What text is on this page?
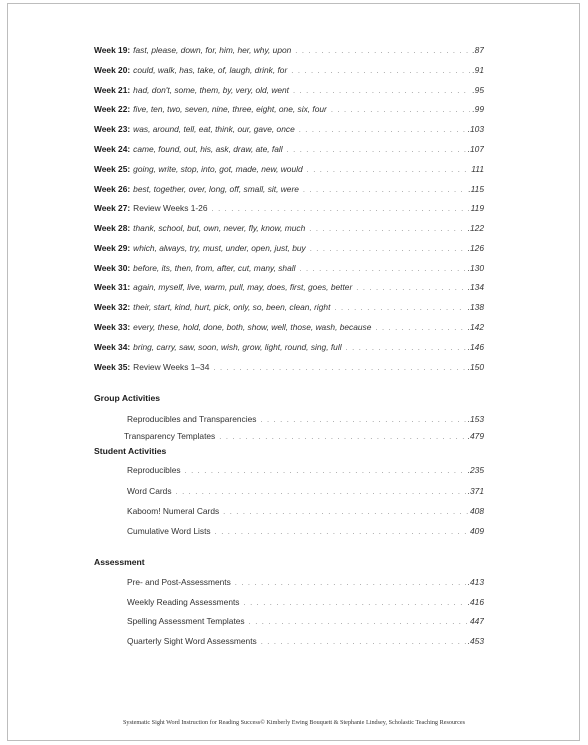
Week 19: fast, please, down, for, him, her, why, upon . . .	.87
Week 20: could, walk, has, take, of, laugh, drink, for . . .	.91
Week 21: had, don't, some, them, by, very, old, went . . .	.95
Week 22: five, ten, two, seven, nine, three, eight, one, six, four . . .	.99
Week 23: was, around, tell, eat, think, our, gave, once . . .	.103
Week 24: came, found, out, his, ask, draw, ate, fall . . .	.107
Week 25: going, write, stop, into, got, made, new, would . . .	111
Week 26: best, together, over, long, off, small, sit, were . . .	.115
Week 27: Review Weeks 1-26 . . .	119
Week 28: thank, school, but, own, never, fly, know, much . . .	.122
Week 29: which, always, try, must, under, open, just, buy . . .	.126
Week 30: before, its, then, from, after, cut, many, shall . . .	.130
Week 31: again, myself, live, warm, pull, may, does, first, goes, better . . .	.134
Week 32: their, start, kind, hurt, pick, only, so, been, clean, right . . .	.138
Week 33: every, these, hold, done, both, show, well, those, wash, because . . .	.142
Week 34: bring, carry, saw, soon, wish, grow, light, round, sing, full . . .	.146
Week 35: Review Weeks 1–34 . . .	.150
Group Activities
Reproducibles and Transparencies . . .	.153
Transparency Templates . . .	.479
Student Activities
Reproducibles . . .	.235
Word Cards . . .	.371
Kaboom! Numeral Cards . . .	408
Cumulative Word Lists . . .	409
Assessment
Pre- and Post-Assessments . . .	.413
Weekly Reading Assessments . . .	.416
Spelling Assessment Templates . . .	447
Quarterly Sight Word Assessments . . .	.453
Systematic Sight Word Instruction for Reading Success© Kimberly Ewing Bouquett & Stephanie Lindsey, Scholastic Teaching Resources
